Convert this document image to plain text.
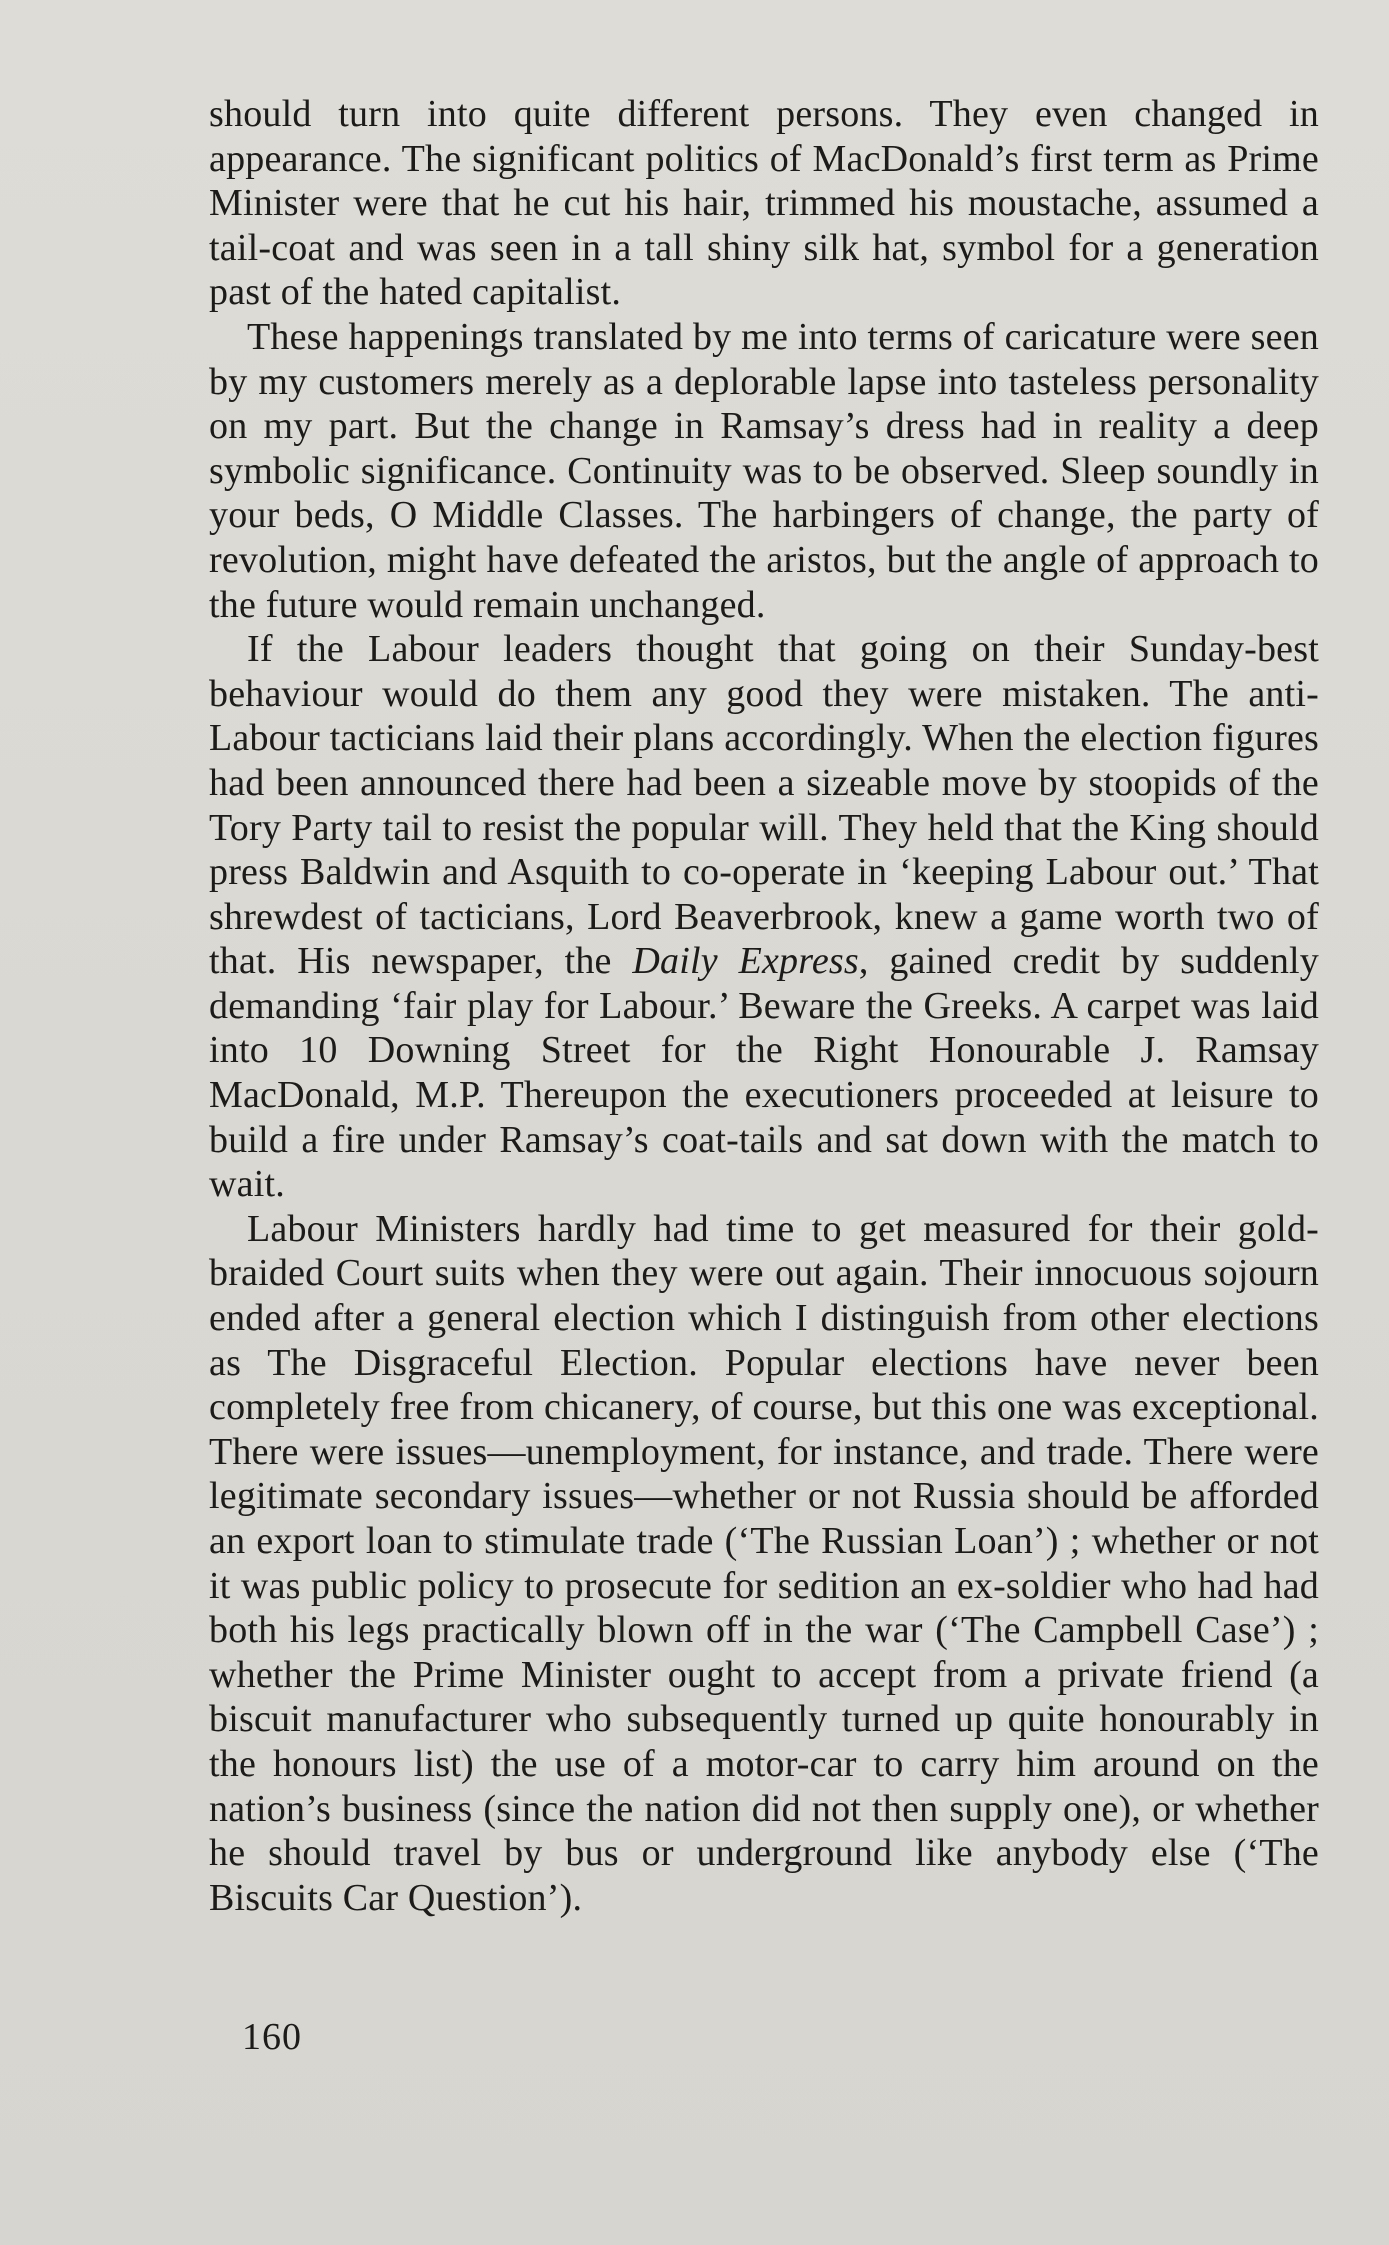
should turn into quite different persons. They even changed in appearance. The significant politics of MacDonald’s first term as Prime Minister were that he cut his hair, trimmed his moustache, assumed a tail-coat and was seen in a tall shiny silk hat, symbol for a generation past of the hated capitalist.

These happenings translated by me into terms of caricature were seen by my customers merely as a deplorable lapse into tasteless personality on my part. But the change in Ramsay’s dress had in reality a deep symbolic significance. Continuity was to be observed. Sleep soundly in your beds, O Middle Classes. The harbingers of change, the party of revolution, might have defeated the aristos, but the angle of approach to the future would remain unchanged.

If the Labour leaders thought that going on their Sunday-best behaviour would do them any good they were mistaken. The anti-Labour tacticians laid their plans accordingly. When the election figures had been announced there had been a sizeable move by stoopids of the Tory Party tail to resist the popular will. They held that the King should press Baldwin and Asquith to co-operate in ‘keeping Labour out.’ That shrewdest of tacticians, Lord Beaverbrook, knew a game worth two of that. His newspaper, the Daily Express, gained credit by suddenly demanding ‘fair play for Labour.’ Beware the Greeks. A carpet was laid into 10 Downing Street for the Right Honourable J. Ramsay MacDonald, M.P. Thereupon the executioners proceeded at leisure to build a fire under Ramsay’s coat-tails and sat down with the match to wait.

Labour Ministers hardly had time to get measured for their gold-braided Court suits when they were out again. Their innocuous sojourn ended after a general election which I distinguish from other elections as The Disgraceful Election. Popular elections have never been completely free from chicanery, of course, but this one was exceptional. There were issues—unemployment, for instance, and trade. There were legitimate secondary issues—whether or not Russia should be afforded an export loan to stimulate trade (‘The Russian Loan’) ; whether or not it was public policy to prosecute for sedition an ex-soldier who had had both his legs practically blown off in the war (‘The Campbell Case’) ; whether the Prime Minister ought to accept from a private friend (a biscuit manufacturer who subsequently turned up quite honourably in the honours list) the use of a motor-car to carry him around on the nation’s business (since the nation did not then supply one), or whether he should travel by bus or underground like anybody else (‘The Biscuits Car Question’).

160
